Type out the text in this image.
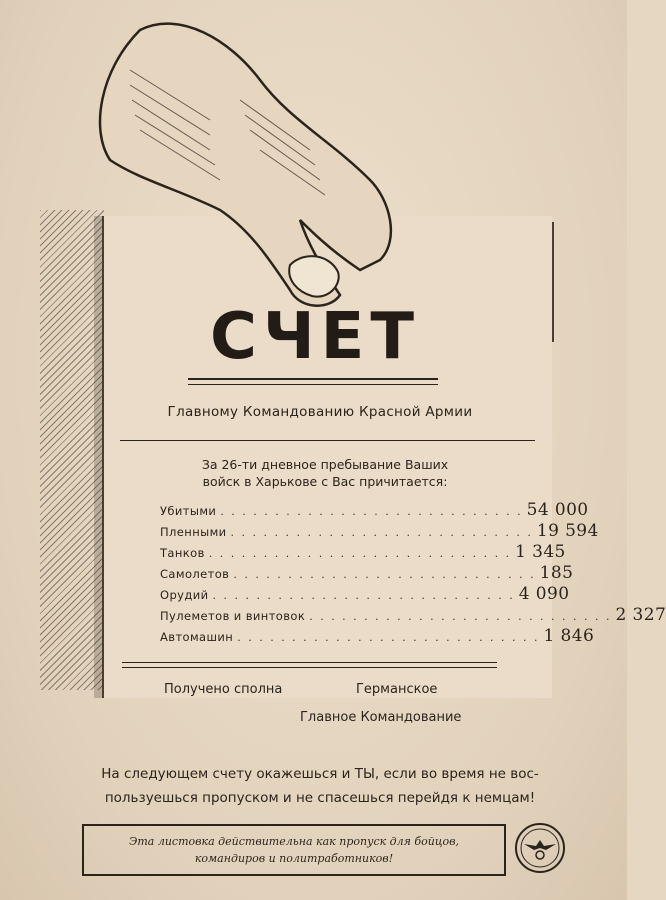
СЧЕТ
Главному Командованию Красной Армии
За 26-ти дневное пребывание Ваших
войск в Харькове с Вас причитается:
Убитыми . . . . . . . . . . . . . . . . . . . . . . . . . . . . 54 000
Пленными . . . . . . . . . . . . . . . . . . . . . . . . . . . . 19 594
Танков . . . . . . . . . . . . . . . . . . . . . . . . . . . . 1 345
Самолетов . . . . . . . . . . . . . . . . . . . . . . . . . . . . 185
Орудий . . . . . . . . . . . . . . . . . . . . . . . . . . . . 4 090
Пулеметов и винтовок . . . . . . . . . . . . . . . . . . . . . . . . . . . . 2 327
Автомашин . . . . . . . . . . . . . . . . . . . . . . . . . . . . 1 846
Получено сполна	Германское
Главное Командование
На следующем счету окажешься и ТЫ, если во время не вос-
пользуешься пропуском и не спасешься перейдя к немцам!
Эта листовка действительна как пропуск для бойцов,
командиров и политработников!
